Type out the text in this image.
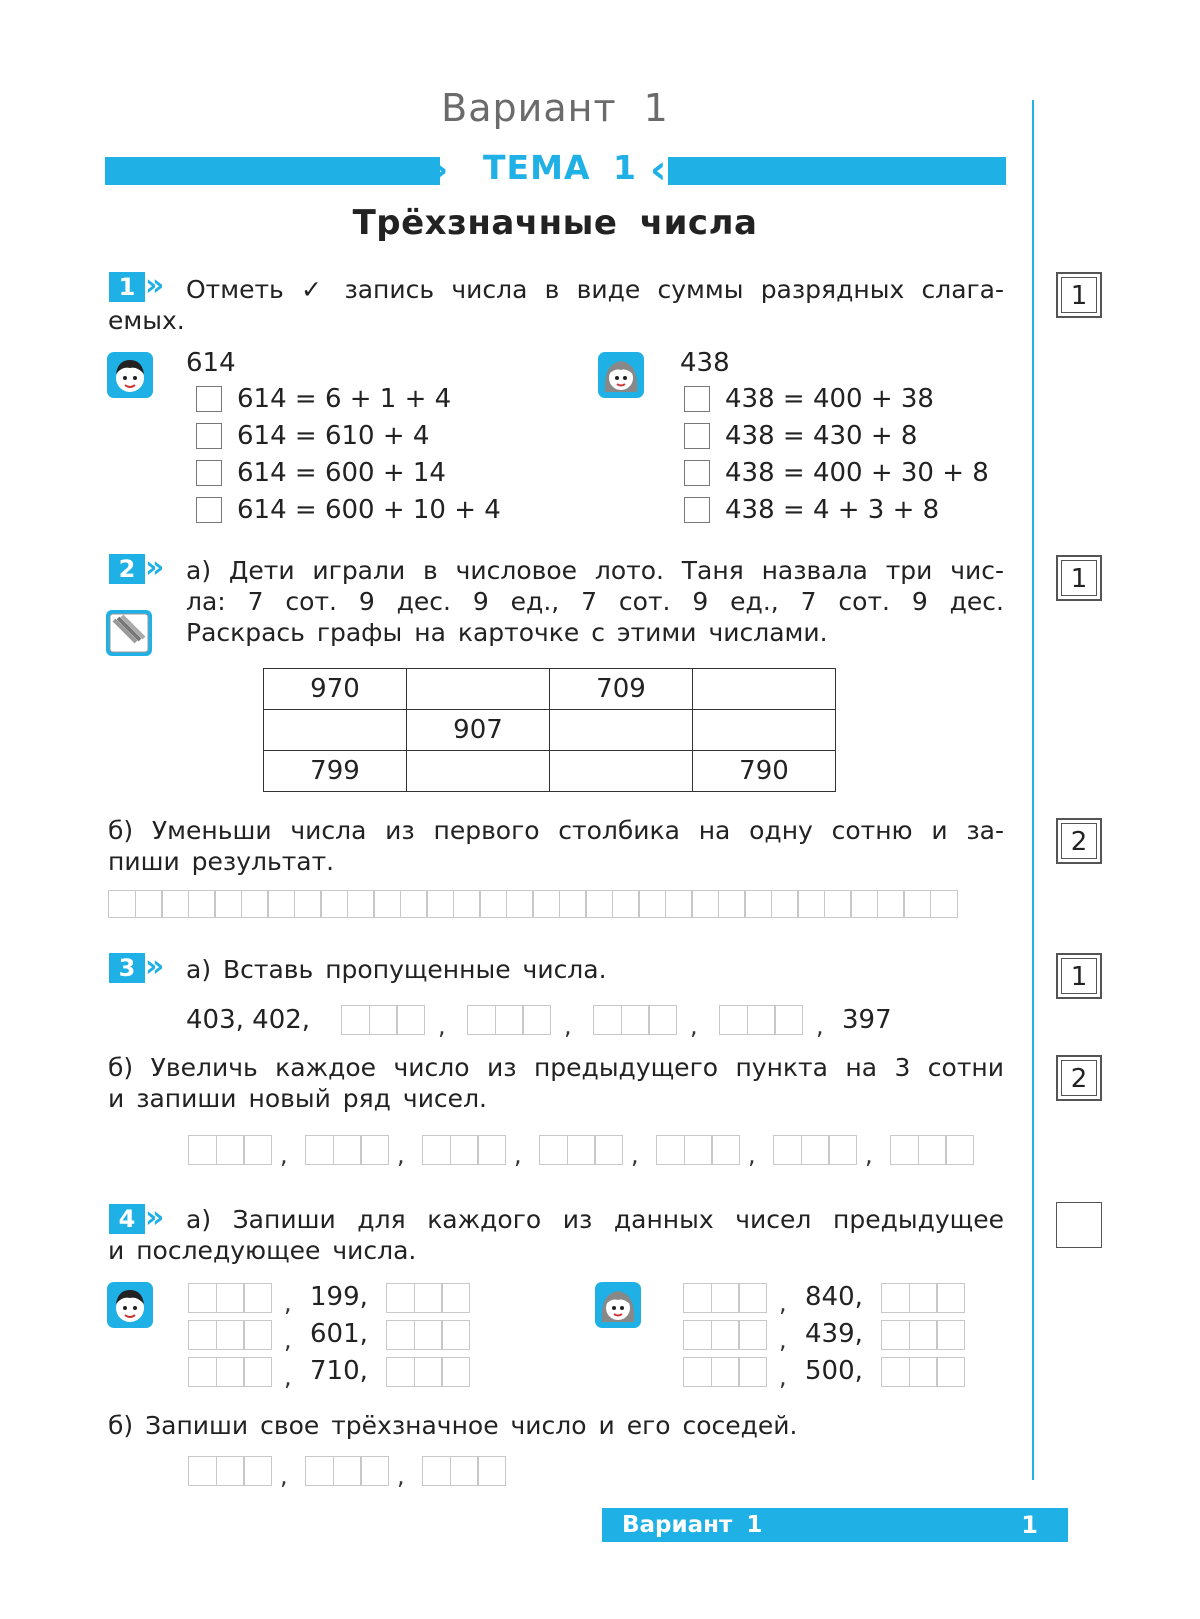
Вариант 1
› ТЕМА 1 ‹
Трёхзначные числа
1 » Отметь ✓ запись числа в виде суммы разрядных слага-
емых.
1
614
614 = 6 + 1 + 4
614 = 610 + 4
614 = 600 + 14
614 = 600 + 10 + 4
438
438 = 400 + 38
438 = 430 + 8
438 = 400 + 30 + 8
438 = 4 + 3 + 8
2 » а) Дети играли в числовое лото. Таня назвала три чис-
ла: 7 сот. 9 дес. 9 ед., 7 сот. 9 ед., 7 сот. 9 дес.
Раскрась графы на карточке с этими числами.
1
970		709	
	907		
799			790
б) Уменьши числа из первого столбика на одну сотню и за-
пиши результат.
2
3 » а) Вставь пропущенные числа.	1
403, 402,	,	,	,	, 397
б) Увеличь каждое число из предыдущего пункта на 3 сотни
и запиши новый ряд чисел.
2
,	,	,	,	,	,
4 » а) Запиши для каждого из данных чисел предыдущее
и последующее числа.
, 199,
, 601,
, 710,
, 840,
, 439,
, 500,
б) Запиши свое трёхзначное число и его соседей.
,	,
Вариант 1	1
